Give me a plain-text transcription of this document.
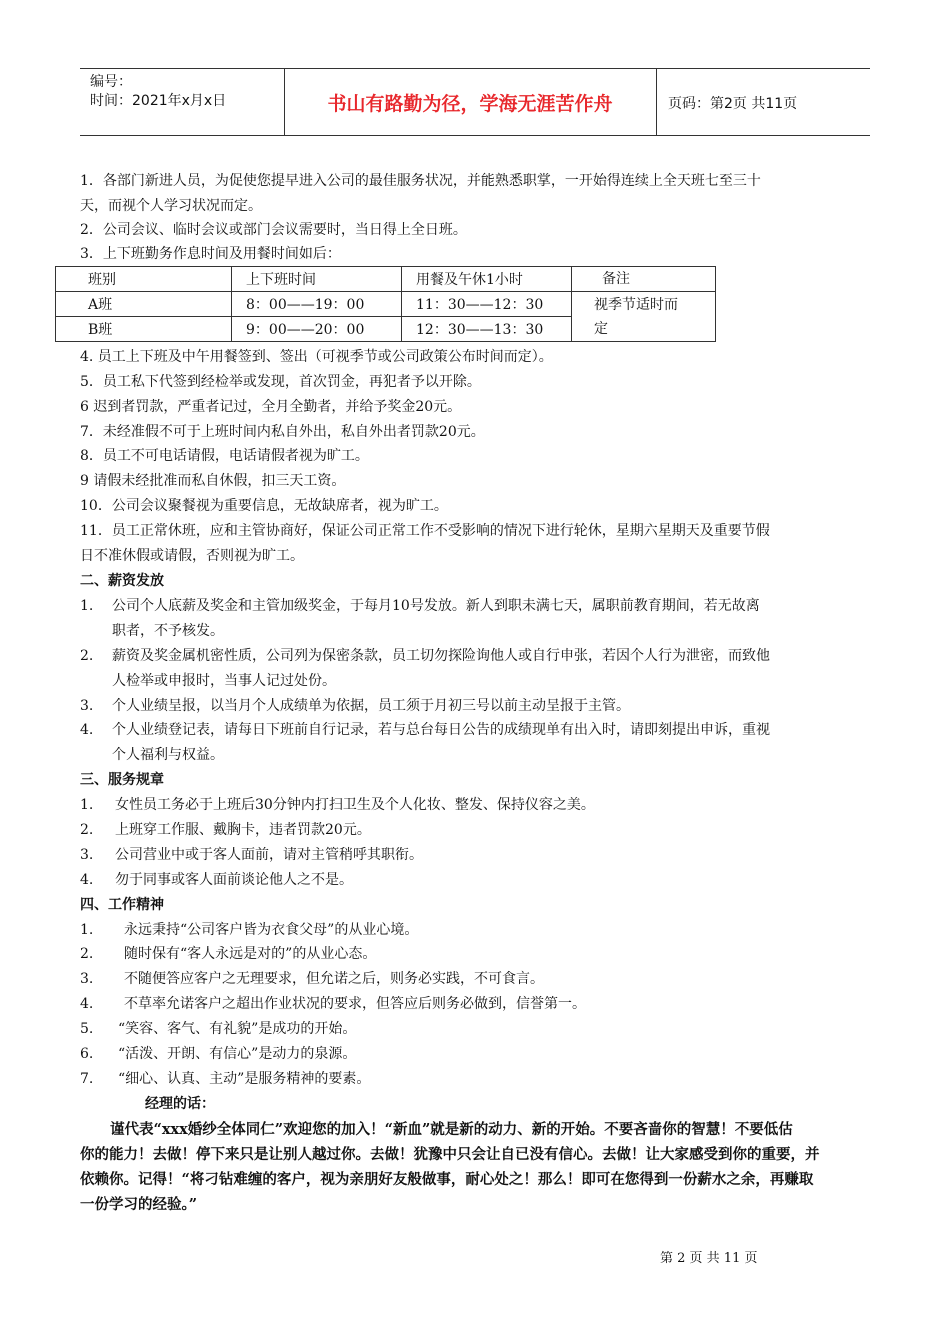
编号：
时间：2021年x月x日	书山有路勤为径，学海无涯苦作舟	页码：第2页 共11页
1．各部门新进人员，为促使您提早进入公司的最佳服务状况，并能熟悉职掌，一开始得连续上全天班七至三十
天，而视个人学习状况而定。
2．公司会议、临时会议或部门会议需要时，当日得上全日班。
3．上下班勤务作息时间及用餐时间如后：
班别	上下班时间	用餐及午休1小时	备注
A班	8：00——19：00	11：30——12：30	视季节适时而定

B班	9：00——20：00	12：30——13：30	
4. 员工上下班及中午用餐签到、签出（可视季节或公司政策公布时间而定）。
5．员工私下代签到经检举或发现，首次罚金，再犯者予以开除。
6 迟到者罚款，严重者记过，全月全勤者，并给予奖金20元。
7．未经准假不可于上班时间内私自外出，私自外出者罚款20元。
8．员工不可电话请假，电话请假者视为旷工。
9 请假未经批准而私自休假，扣三天工资。
10．公司会议聚餐视为重要信息，无故缺席者，视为旷工。
11．员工正常休班，应和主管协商好，保证公司正常工作不受影响的情况下进行轮休，星期六星期天及重要节假
日不准休假或请假，否则视为旷工。
二、薪资发放
1. 公司个人底薪及奖金和主管加级奖金，于每月10号发放。新人到职未满七天，属职前教育期间，若无故离
职者，不予核发。
2. 薪资及奖金属机密性质，公司列为保密条款，员工切勿探险询他人或自行申张，若因个人行为泄密，而致他
人检举或申报时，当事人记过处份。
3. 个人业绩呈报，以当月个人成绩单为依据，员工须于月初三号以前主动呈报于主管。
4. 个人业绩登记表，请每日下班前自行记录，若与总台每日公告的成绩现单有出入时，请即刻提出申诉，重视
个人福利与权益。
三、服务规章
1. 女性员工务必于上班后30分钟内打扫卫生及个人化妆、整发、保持仪容之美。
2. 上班穿工作服、戴胸卡，违者罚款20元。
3. 公司营业中或于客人面前，请对主管稍呼其职衔。
4. 勿于同事或客人面前谈论他人之不是。
四、工作精神
1. 永远秉持“公司客户皆为衣食父母”的从业心境。
2. 随时保有“客人永远是对的”的从业心态。
3. 不随便答应客户之无理要求，但允诺之后，则务必实践，不可食言。
4. 不草率允诺客户之超出作业状况的要求，但答应后则务必做到，信誉第一。
5. “笑容、客气、有礼貌”是成功的开始。
6. “活泼、开朗、有信心”是动力的泉源。
7. “细心、认真、主动”是服务精神的要素。
经理的话：
谨代表“xxx婚纱全体同仁”欢迎您的加入！“新血”就是新的动力、新的开始。不要吝啬你的智慧！不要低估
你的能力！去做！停下来只是让别人越过你。去做！犹豫中只会让自已没有信心。去做！让大家感受到你的重要，并
依赖你。记得！“将刁钻难缠的客户，视为亲朋好友般做事，耐心处之！那么！即可在您得到一份薪水之余，再赚取
一份学习的经验。”
第 2 页 共 11 页
